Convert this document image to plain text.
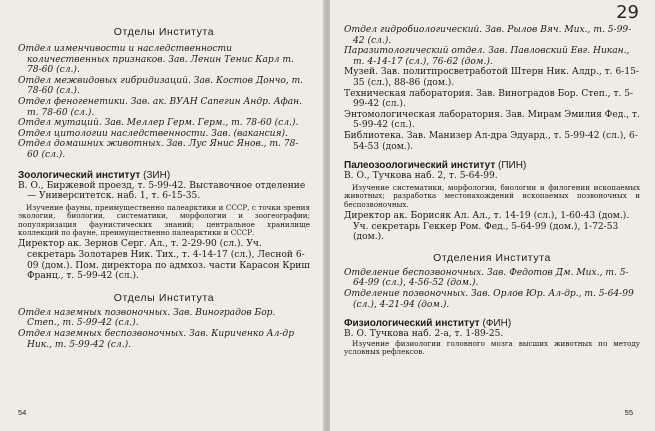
Отделы Института

Отдел изменчивости и наследственности количественных признаков. Зав. Ленин Тенис Карл т. 78-60 (сл.).

Отдел межвидовых гибридизаций. Зав. Костов Дончо, т. 78-60 (сл.).

Отдел феногенетики. Зав. ак. ВУАН Сапегин Андр. Афан. т. 78-60 (сл.).

Отдел мутаций. Зав. Меллер Герм. Герм., т. 78-60 (сл.).

Отдел цитологии наследственности. Зав. (вакансия).

Отдел домашних животных. Зав. Лус Янис Янов., т. 78-60 (сл.).

Зоологический институт (ЗИН)

В. О., Биржевой проезд, т. 5-99-42. Выставочное отделение — Университетск. наб. 1, т. 6-15-35.

Изучение фауны, преимущественно палеарктики и СССР, с точки зрения экологии, биологии, систематики, морфологии и зоогеографии; популяризация фаунистических знаний; центральное хранилище коллекций по фауне, преимущественно палеарктики и СССР.

Директор ак. Зернов Серг. Ал., т. 2-29-90 (сл.). Уч. секретарь Золотарев Ник. Тих., т. 4-14-17 (сл.), Лесной 6-09 (дом.). Пом. директора по адмхоз. части Карасон Криш Франц., т. 5-99-42 (сл.).

Отделы Института

Отдел наземных позвоночных. Зав. Виноградов Бор. Степ., т. 5-99-42 (сл.).

Отдел наземных беспозвоночных. Зав. Кириченко Ал-др Ник., т. 5-99-42 (сл.).

54
29

Отдел гидробиологический. Зав. Рылов Вяч. Мих., т. 5-99-42 (сл.).

Паразитологический отдел. Зав. Павловский Евг. Никан., т. 4-14-17 (сл.), 76-62 (дом.).

Музей. Зав. политпросветработой Штерн Ник. Алдр., т. 6-15-35 (сл.), 88-86 (дом.).

Техническая лаборатория. Зав. Виноградов Бор. Степ., т. 5-99-42 (сл.).

Энтомологическая лаборатория. Зав. Мирам Эмилия Фед., т. 5-99-42 (сл.).

Библиотека. Зав. Манизер Ал-дра Эдуард., т. 5-99-42 (сл.), 6-54-53 (дом.).

Палеозоологический институт (ПИН)

В. О., Тучкова наб. 2, т. 5-64-99.

Изучение систематики, морфологии, биологии и филогении ископаемых животных; разработка местонахождений ископаемых позвоночных и беспозвоночных.

Директор ак. Борисяк Ал. Ал., т. 14-19 (сл.), 1-60-43 (дом.). Уч. секретарь Геккер Ром. Фед., 5-64-99 (дом.), 1-72-53 (дом.).

Отделения Института

Отделение беспозвоночных. Зав. Федотов Дм. Мих., т. 5-64-99 (сл.), 4-56-52 (дом.).

Отделение позвоночных. Зав. Орлов Юр. Ал-др., т. 5-64-99 (сл.), 4-21-94 (дом.).

Физиологический институт (ФИН)

В. О. Тучкова наб. 2-а, т. 1-89-25.

Изучение физиологии головного мозга высших животных по методу условных рефлексов.

55
